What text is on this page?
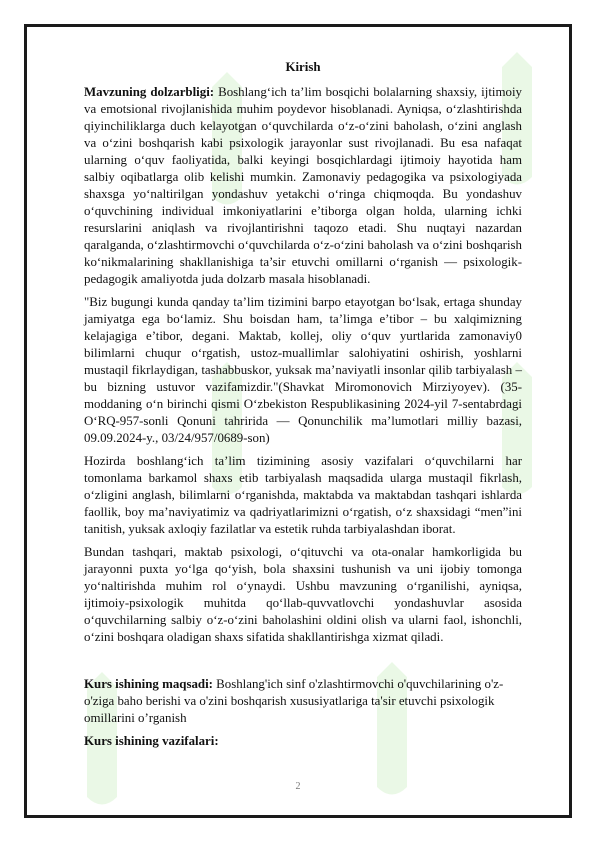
Kirish

Mavzuning dolzarbligi: Boshlang‘ich ta’lim bosqichi bolalarning shaxsiy, ijtimoiy va emotsional rivojlanishida muhim poydevor hisoblanadi. Ayniqsa, o‘zlashtirishda qiyinchiliklarga duch kelayotgan o‘quvchilarda o‘z-o‘zini baholash, o‘zini anglash va o‘zini boshqarish kabi psixologik jarayonlar sust rivojlanadi. Bu esa nafaqat ularning o‘quv faoliyatida, balki keyingi bosqichlardagi ijtimoiy hayotida ham salbiy oqibatlarga olib kelishi mumkin. Zamonaviy pedagogika va psixologiyada shaxsga yo‘naltirilgan yondashuv yetakchi o‘ringa chiqmoqda. Bu yondashuv o‘quvchining individual imkoniyatlarini e’tiborga olgan holda, ularning ichki resurslarini aniqlash va rivojlantirishni taqozo etadi. Shu nuqtayi nazardan qaralganda, o‘zlashtirmovchi o‘quvchilarda o‘z-o‘zini baholash va o‘zini boshqarish ko‘nikmalarining shakllanishiga ta’sir etuvchi omillarni o‘rganish — psixologik-pedagogik amaliyotda juda dolzarb masala hisoblanadi.

"Biz bugungi kunda qanday ta’lim tizimini barpo etayotgan bo‘lsak, ertaga shunday jamiyatga ega bo‘lamiz. Shu boisdan ham, ta’limga e’tibor – bu xalqimizning kelajagiga e’tibor, degani. Maktab, kollej, oliy o‘quv yurtlarida zamonaviy0 bilimlarni chuqur o‘rgatish, ustoz-muallimlar salohiyatini oshirish, yoshlarni mustaqil fikrlaydigan, tashabbuskor, yuksak ma’naviyatli insonlar qilib tarbiyalash – bu bizning ustuvor vazifamizdir."(Shavkat Miromonovich Mirziyoyev). (35-moddaning o‘n birinchi qismi O‘zbekiston Respublikasining 2024-yil 7-sentabrdagi O‘RQ-957-sonli Qonuni tahririda — Qonunchilik ma’lumotlari milliy bazasi, 09.09.2024-y., 03/24/957/0689-son)

Hozirda boshlang‘ich ta’lim tizimining asosiy vazifalari o‘quvchilarni har tomonlama barkamol shaxs etib tarbiyalash maqsadida ularga mustaqil fikrlash, o‘zligini anglash, bilimlarni o‘rganishda, maktabda va maktabdan tashqari ishlarda faollik, boy ma’naviyatimiz va qadriyatlarimizni o‘rgatish, o‘z shaxsidagi “men”ini tanitish, yuksak axloqiy fazilatlar va estetik ruhda tarbiyalashdan iborat.

Bundan tashqari, maktab psixologi, o‘qituvchi va ota-onalar hamkorligida bu jarayonni puxta yo‘lga qo‘yish, bola shaxsini tushunish va uni ijobiy tomonga yo‘naltirishda muhim rol o‘ynaydi. Ushbu mavzuning o‘rganilishi, ayniqsa, ijtimoiy-psixologik muhitda qo‘llab-quvvatlovchi yondashuvlar asosida o‘quvchilarning salbiy o‘z-o‘zini baholashini oldini olish va ularni faol, ishonchli, o‘zini boshqara oladigan shaxs sifatida shakllantirishga xizmat qiladi.

Kurs ishining maqsadi: Boshlang'ich sinf o'zlashtirmovchi o'quvchilarining o'z-o'ziga baho berishi va o'zini boshqarish xususiyatlariga ta'sir etuvchi psixologik omillarini o’rganish

Kurs ishining vazifalari:

2
